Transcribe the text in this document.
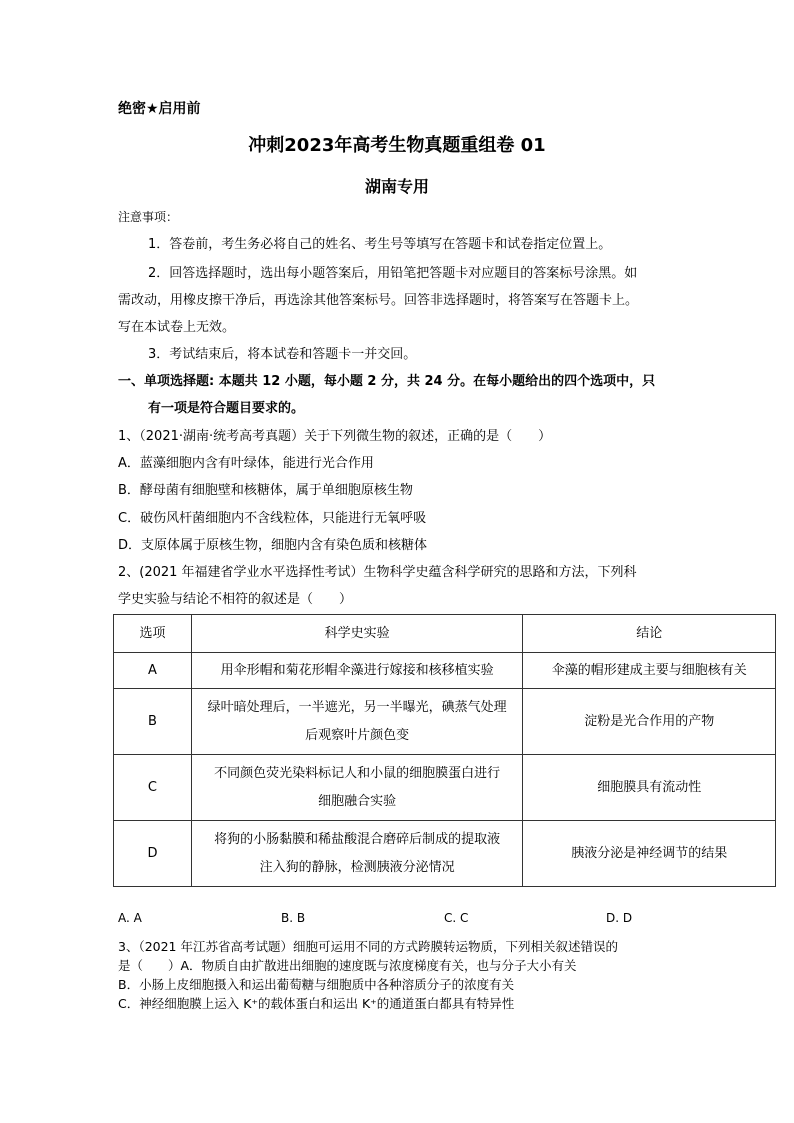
绝密★启用前
冲刺2023年高考生物真题重组卷 01
湖南专用
注意事项：
1．答卷前，考生务必将自己的姓名、考生号等填写在答题卡和试卷指定位置上。
2．回答选择题时，选出每小题答案后，用铅笔把答题卡对应题目的答案标号涂黑。如
需改动，用橡皮擦干净后，再选涂其他答案标号。回答非选择题时，将答案写在答题卡上。
写在本试卷上无效。
3．考试结束后，将本试卷和答题卡一并交回。
一、单项选择题: 本题共 12 小题，每小题 2 分，共 24 分。在每小题给出的四个选项中，只
有一项是符合题目要求的。
1、（2021·湖南·统考高考真题）关于下列微生物的叙述，正确的是（　　）
A．蓝藻细胞内含有叶绿体，能进行光合作用
B．酵母菌有细胞壁和核糖体，属于单细胞原核生物
C．破伤风杆菌细胞内不含线粒体，只能进行无氧呼吸
D．支原体属于原核生物，细胞内含有染色质和核糖体
2、(2021 年福建省学业水平选择性考试）生物科学史蕴含科学研究的思路和方法，下列科
学史实验与结论不相符的叙述是（　　）
选项	科学史实验	结论
A	用伞形帽和菊花形帽伞藻进行嫁接和核移植实验	伞藻的帽形建成主要与细胞核有关
B	绿叶暗处理后，一半遮光，另一半曝光，碘蒸气处理
后观察叶片颜色变	淀粉是光合作用的产物
C	不同颜色荧光染料标记人和小鼠的细胞膜蛋白进行
细胞融合实验	细胞膜具有流动性
D	将狗的小肠黏膜和稀盐酸混合磨碎后制成的提取液
注入狗的静脉，检测胰液分泌情况	胰液分泌是神经调节的结果
A. A	B. B	C. C	D. D
3、（2021 年江苏省高考试题）细胞可运用不同的方式跨膜转运物质，下列相关叙述错误的
是（　　）A．物质自由扩散进出细胞的速度既与浓度梯度有关，也与分子大小有关
B．小肠上皮细胞摄入和运出葡萄糖与细胞质中各种溶质分子的浓度有关
C．神经细胞膜上运入 K⁺的载体蛋白和运出 K⁺的通道蛋白都具有特异性
